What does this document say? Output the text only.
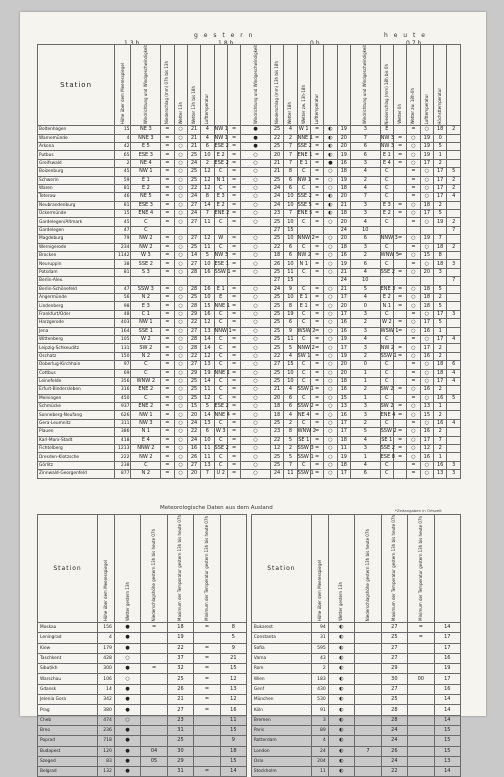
g e s t e r n	h e u t e
13h	18h	0h	07h
Station	Höhe über dem Meeresspiegel	Windrichtung und Windgeschwindigkeit	Niederschlag (mm) 07h bis 13h	Wetter 13h	Wetter 13h bis 18h	Lufttemperatur			Windrichtung und Windgeschwindigkeit	Niederschlag (mm) 13h bis 18h	Wetter 18h	Wetter zw. 13h-18h	Lufttemperatur			Windrichtung und Windgeschwindigkeit	Niederschlag (mm) 18h bis 0h	Wetter 0h	Wetter zw. 18h-0h	Lufttemperatur	Höchsttemperatur	
Boltenhagen	15	NE 3	=	○	21	4	NW 1	=	●	25	4	W 1	=	◐	19	3	E		=	○	18	2
Warnemünde	4	NNE 3	=	○	21	4	NW 1	=	●	22	2	NNE 1	=	◐	20	7	NW 3	=	○	19	0	
Arkona	42	E 5	=	○	21	6	ESE 2	=	●	25	7	SSE 2	=	◐	20	6	NW 3	=	○	19	5	
Putbus	65	ESE 3	=	○	25	10	E 2	=	○	20	7	ENE 1	=	◐	19	6	E 1	=	○	19	1	
Greifswald	2	NE 4	=	○	24	2	ESE 2	=	○	21	7	E 1	=	●	16	3	E 4	=	○	17	2	
Boizenburg	45	NW 1	=	○	25	12	C	=	○	21	8	C	=	○	18	4	C		=	○	17	5
Schwerin	59	E 1	=	○	25	12	N 1	=	○	25	6	NW 1	=	○	19	2	C		=	○	17	2
Waren	81	E 2	=	○	22	12	C	=	○	24	6	C	=	○	18	4	C		=	○	17	2
Teterow	46	NE 5	=	○	24	8	E 3	=	○	24	10	SSE 2	=	◐	20	7	C		=	○	17	4
Neubrandenburg	81	ESE 3	=	○	27	14	E 2	=	○	24	10	SSE 5	=	◐	21	3	E 3	=	○	18	2	
Ückermünde	15	ENE 4	=	○	24	7	ENE 2	=	○	23	7	ENE 5	=	◐	18	3	E 2	=	○	17	5	
Gardelegen/Altmark	45	C	=	○	27	11	C	=	○	25	10	C	=	○	20	4	C		=	○	19	2
Gardelegen	47	C								27	15				24	10						7
Magdeburg	79	NW 2	=	○	27	12	W	=	○	25	10	NNW 2	=	○	20	6	NNW 3	=	○	19	7	
Wernigerode	234	NW 2	=	○	25	11	C	=	○	22	6	C	=	○	18	3	C		=	○	18	2
Brocken	1142	W 3	=	○	14	5	NW 3	=	○	18	6	NW 2	=	○	16	2	WNW 5	=	○	15	8	
Neuruppin	38	SSE 2	=	○	27	10	ESE 1	=	○	26	10	N 1	=	○	19	6	C		=	○	18	3
Potsdam	81	S 3	=	○	28	16	SSW 1	=	○	25	11	C	=	○	21	4	SSE 2	=	○	20	3	
Berlin-Alex.										27	15				24	10						7
Berlin-Schönefeld	47	SSW 3	=	○	28	16	E 1	=	○	24	9	C	=	○	21	5	ENE 3	=	○	18	5	
Angermünde	56	N 2	=	○	25	10	E	=	○	25	10	E 1	=	○	17	4	E 2	=	○	18	2	
Lindenberg	98	E 3	=	○	28	15	NNE 1	=	○	25	8	E 1	=	○	20	0	N 1	=	○	18	5	
Frankfurt/Oder	48	C 1	=	○	29	16	C	=	○	25	19	C	=	○	17	3	C		=	○	17	3
Harzgerode	403	NW 1	=	○	22	12	C	=	○	25	6	C	=	○	16	2	W 2	=	○	17	5	
Jena	164	SSE 1	=	○	27	13	NNW 1	=	○	25	9	WSW 2	=	○	16	3	WSW 1	=	○	16	1	
Wittenberg	105	W 2	=	○	28	14	C	=	○	25	11	C	=	○	19	4	C		=	○	17	4
Leipzig-Schkeuditz	131	SW 2	=	○	28	14	C	=	○	25	5	NNW 2	=	○	17	3	NW 2	=	○	17	2	
Oschatz	150	N 2	=	○	22	12	C	=	○	22	4	SW 1	=	○	19	2	SSW 1	=	○	16	2	
Doberlug-Kirchhain	97	C	=	○	27	13	C	=	○	27	15	C	=	○	20	0	C		=	○	18	6
Cottbus	69	C	=	○	29	19	NNE 1	=	○	25	10	C	=	○	20	1	C		=	○	18	4
Leinefelde	356	WNW 2	=	○	25	14	C	=	○	25	10	C	=	○	18	1	C		=	○	17	4
Erfurt-Bindersleben	316	ENE 2	=	○	25	11	C	=	○	21	4	SSW 1	=	○	16	2	SW 2	=	○	16	2	
Meiningen	450	C	=	○	25	12	C	=	○	20	6	C	=	○	15	1	C		=	○	16	5
Schmücke	937	ENE 2	=	○	15	5	ESE 2	=	○	18	6	SSW 2	=	○	13	3	SW 2	=	○	13	1	
Sonneberg-Neufang	626	NW 1	=	○	20	14	NNE 4	=	○	18	4	NE 4	=	○	16	3	ENE 4	=	○	15	2	
Gera-Leumnitz	311	NW 3	=	○	24	13	C	=	○	25	2	C	=	○	17	2	C		=	○	16	4
Plauen	386	N 1	=	○	22	6	W 3	=	○	23	8	WNW 2	=	○	17	5	SSW 2	=	○	16	2	
Karl-Marx-Stadt	418	E 4	=	○	24	10	C	=	○	22	5	SE 1	=	○	18	4	SE 1	=	○	17	7	
Fichtelberg	1213	NNW 2	=	○	16	11	SSE 2	=	○	12	2	SSW 3	=	○	11	3	SSE 2	=	○	12	2	
Dresden-Klotzsche	222	NW 2	=	○	26	11	C	=	○	25	5	SSW 1	=	○	19	1	ESE 8	=	○	16	1	
Görlitz	238	C	=	○	27	13	C	=	○	25	7	C	=	○	18	4	C		=	○	16	3
Zinnwald-Georgenfeld	877	N 2	=	○	20	7	U 2	=	○	24	11	SSW 1	=	○	17	6	C		=	○	13	3
Meteorologische Daten aus dem Ausland	*Zeitangaben in Ortszeit
Station	Höhe über dem Meeresspiegel	Wetter gestern 13h	Niederschlagshöhe gestern 13h bis heute 07h	Maximum der Temperatur gestern 13h bis heute 07h	Minimum der Temperatur gestern 13h bis heute 07h			Station	Höhe über dem Meeresspiegel	Wetter gestern 13h	Niederschlagshöhe gestern 13h bis heute 07h	Maximum der Temperatur gestern 13h bis heute 07h	Minimum der Temperatur gestern 13h bis heute 07h	
Moskau	156	●	=	18	=	8		Bukarest	94	◐		27	=	14
Leningrad	4	●		19		5		Constanta	31	◐		25	=	17
Kiew	179	●		22	=	9		Sofia	595	◐		27		17
Taschkent	428	○		37	=	21		Varna	43	◐		27		16
Sibutikh	300	●	=	32	=	15		Rom	2	◐		29		19
Warschau	106	○		25	=	12		Wien	183	◐		30	00	17
Gdansk	14	●		26	=	13		Genf	430	◐		27		16
Jelenia Gora	342	●		21	=	12		München	530	◐		25		14
Prag	380	●		27	=	16		Köln	91	◐		28		14
Cheb	474	○		23		11		Bremen	3	◐		28		14
Brno	236	●		31		15		Paris	89	◐		24		15
Poprad	718	●		25		9		Rotterdam	4	◐		24		15
Budapest	120	●	04	30		18		London	24	◐	7	26		15
Szeged	83	●	05	29		15		Oslo	204	◐		24		13
Belgrad	132	●		31	=	14		Stockholm	11	◐		22		14
